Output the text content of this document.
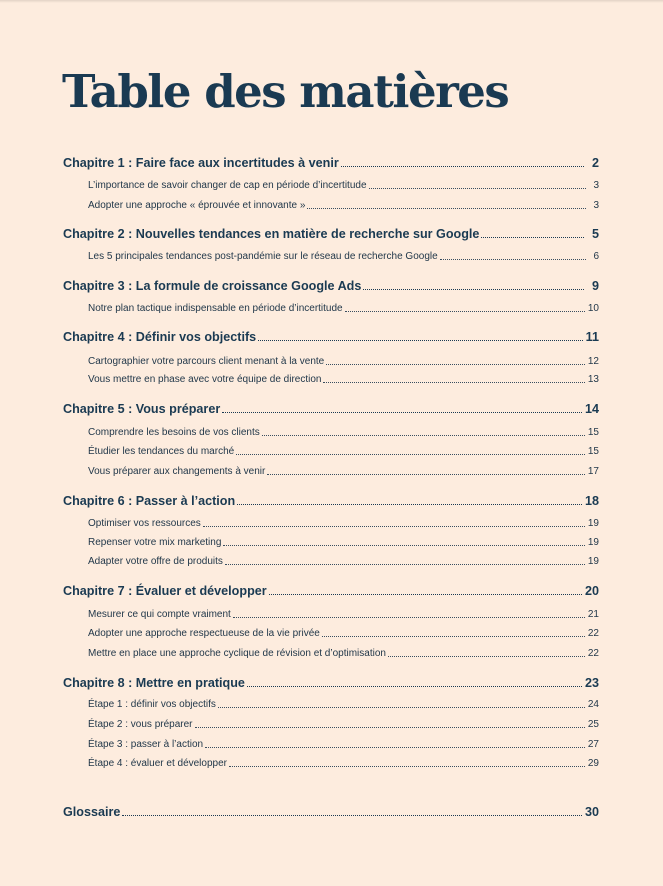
Table des matières
Chapitre 1 : Faire face aux incertitudes à venir	2
L’importance de savoir changer de cap en période d’incertitude	3
Adopter une approche « éprouvée et innovante »	3
Chapitre 2 : Nouvelles tendances en matière de recherche sur Google	5
Les 5 principales tendances post-pandémie sur le réseau de recherche Google	6
Chapitre 3 : La formule de croissance Google Ads	9
Notre plan tactique indispensable en période d’incertitude	10
Chapitre 4 : Définir vos objectifs	11
Cartographier votre parcours client menant à la vente	12
Vous mettre en phase avec votre équipe de direction	13
Chapitre 5 : Vous préparer	14
Comprendre les besoins de vos clients	15
Étudier les tendances du marché	15
Vous préparer aux changements à venir	17
Chapitre 6 : Passer à l’action	18
Optimiser vos ressources	19
Repenser votre mix marketing	19
Adapter votre offre de produits	19
Chapitre 7 : Évaluer et développer	20
Mesurer ce qui compte vraiment	21
Adopter une approche respectueuse de la vie privée	22
Mettre en place une approche cyclique de révision et d’optimisation	22
Chapitre 8 : Mettre en pratique	23
Étape 1 : définir vos objectifs	24
Étape 2 : vous préparer	25
Étape 3 : passer à l’action	27
Étape 4 : évaluer et développer	29
Glossaire	30
